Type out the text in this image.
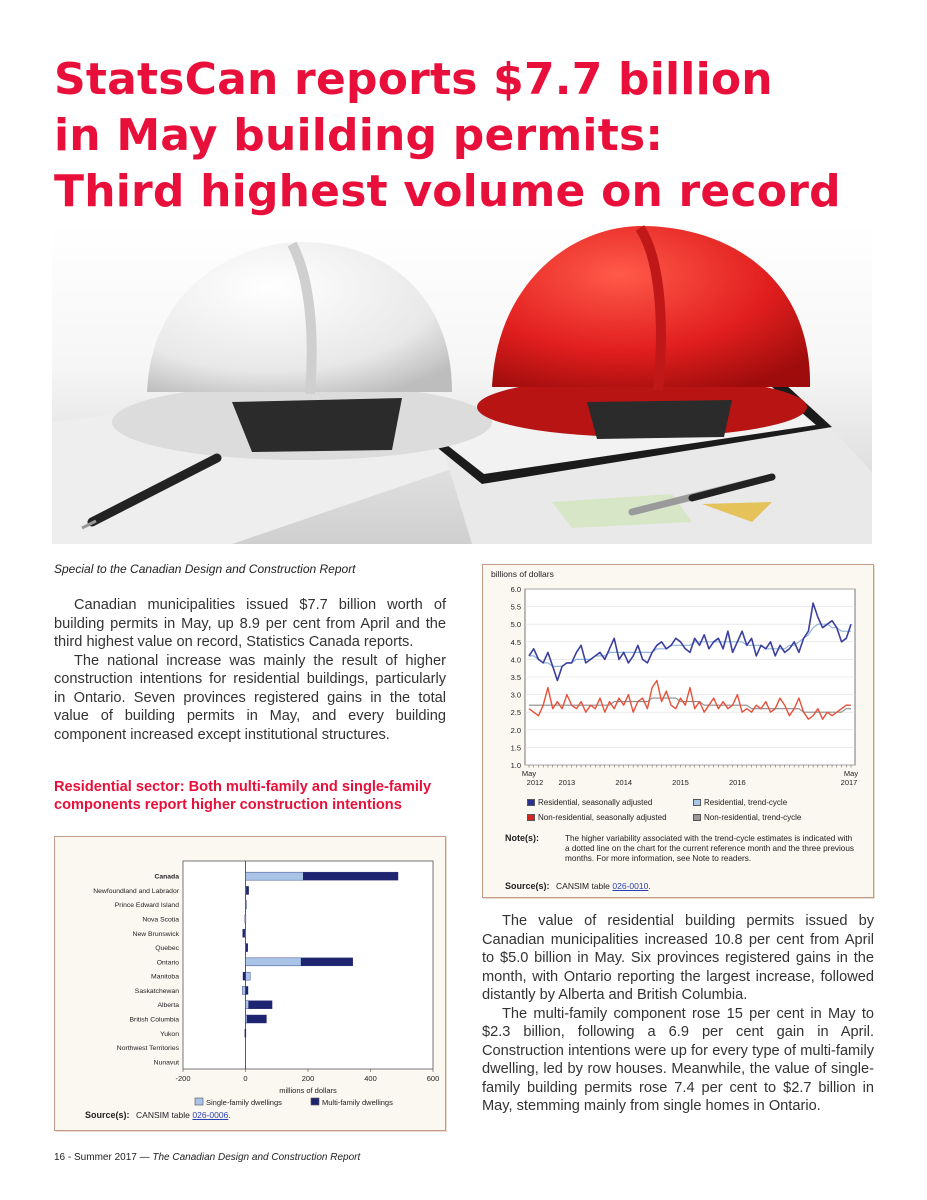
StatsCan reports $7.7 billion
in May building permits:
Third highest volume on record
Special to the Canadian Design and Construction Report

Canadian municipalities issued $7.7 billion worth of building permits in May, up 8.9 per cent from April and the third highest value on record, Statistics Canada reports.

The national increase was mainly the result of higher construction intentions for residential buildings, particularly in Ontario. Seven provinces registered gains in the total value of building permits in May, and every building component increased except institutional structures.

Residential sector: Both multi-family and single-family components report higher construction intentions
billions of dollars
6.0
5.5
5.0
4.5
4.0
3.5
3.0
2.5
2.0
1.5
1.0
May
2012 2013	2014	2015	2016
May
2017
Residential, seasonally adjusted	Residential, trend-cycle
Non-residential, seasonally adjusted	Non-residential, trend-cycle
Note(s):	The higher variability associated with the trend-cycle estimates is indicated with a dotted line on the chart for the current reference month and the three previous months. For more information, see Note to readers.
Source(s): CANSIM table 026-0010.

The value of residential building permits issued by Canadian municipalities increased 10.8 per cent from April to $5.0 billion in May. Six provinces registered gains in the month, with Ontario reporting the largest increase, followed distantly by Alberta and British Columbia.

The multi-family component rose 15 per cent in May to $2.3 billion, following a 6.9 per cent gain in April. Construction intentions were up for every type of multi-family dwelling, led by row houses. Meanwhile, the value of single-family building permits rose 7.4 per cent to $2.7 billion in May, stemming mainly from single homes in Ontario.

-200	0	200	400	600
millions of dollars
Canada
Newfoundland and Labrador
Prince Edward Island
Nova Scotia
New Brunswick
Quebec
Ontario
Manitoba
Saskatchewan
Alberta
British Columbia
Yukon
Northwest Territories
Nunavut
Single-family dwellings	Multi-family dwellings
Source(s): CANSIM table 026-0006.
16 - Summer 2017 — The Canadian Design and Construction Report
